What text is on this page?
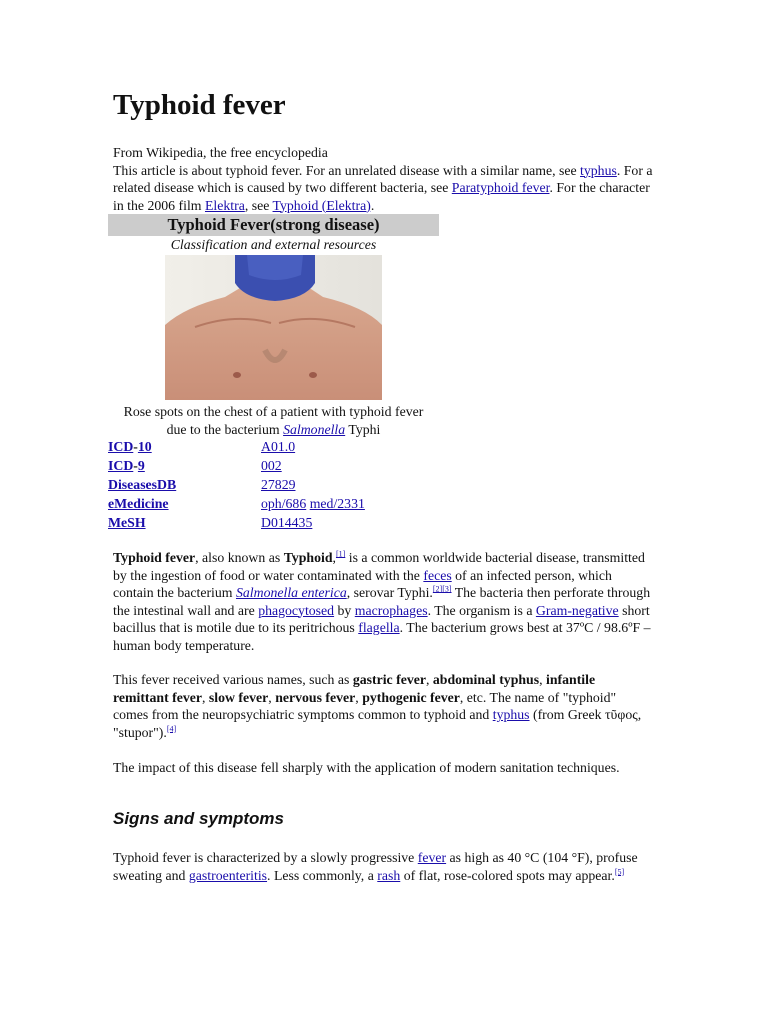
Typhoid fever
From Wikipedia, the free encyclopedia
This article is about typhoid fever. For an unrelated disease with a similar name, see typhus. For a related disease which is caused by two different bacteria, see Paratyphoid fever. For the character in the 2006 film Elektra, see Typhoid (Elektra).
Typhoid Fever(strong disease)
Classification and external resources
Rose spots on the chest of a patient with typhoid fever
due to the bacterium Salmonella Typhi
ICD-10	A01.0
ICD-9	002
DiseasesDB	27829
eMedicine	oph/686 med/2331
MeSH	D014435
Typhoid fever, also known as Typhoid,[1] is a common worldwide bacterial disease, transmitted by the ingestion of food or water contaminated with the feces of an infected person, which contain the bacterium Salmonella enterica, serovar Typhi.[2][3] The bacteria then perforate through the intestinal wall and are phagocytosed by macrophages. The organism is a Gram-negative short bacillus that is motile due to its peritrichous flagella. The bacterium grows best at 37ºC / 98.6ºF – human body temperature.
This fever received various names, such as gastric fever, abdominal typhus, infantile remittant fever, slow fever, nervous fever, pythogenic fever, etc. The name of "typhoid" comes from the neuropsychiatric symptoms common to typhoid and typhus (from Greek τῦφος, "stupor").[4]
The impact of this disease fell sharply with the application of modern sanitation techniques.
Signs and symptoms
Typhoid fever is characterized by a slowly progressive fever as high as 40 °C (104 °F), profuse sweating and gastroenteritis. Less commonly, a rash of flat, rose-colored spots may appear.[5]
